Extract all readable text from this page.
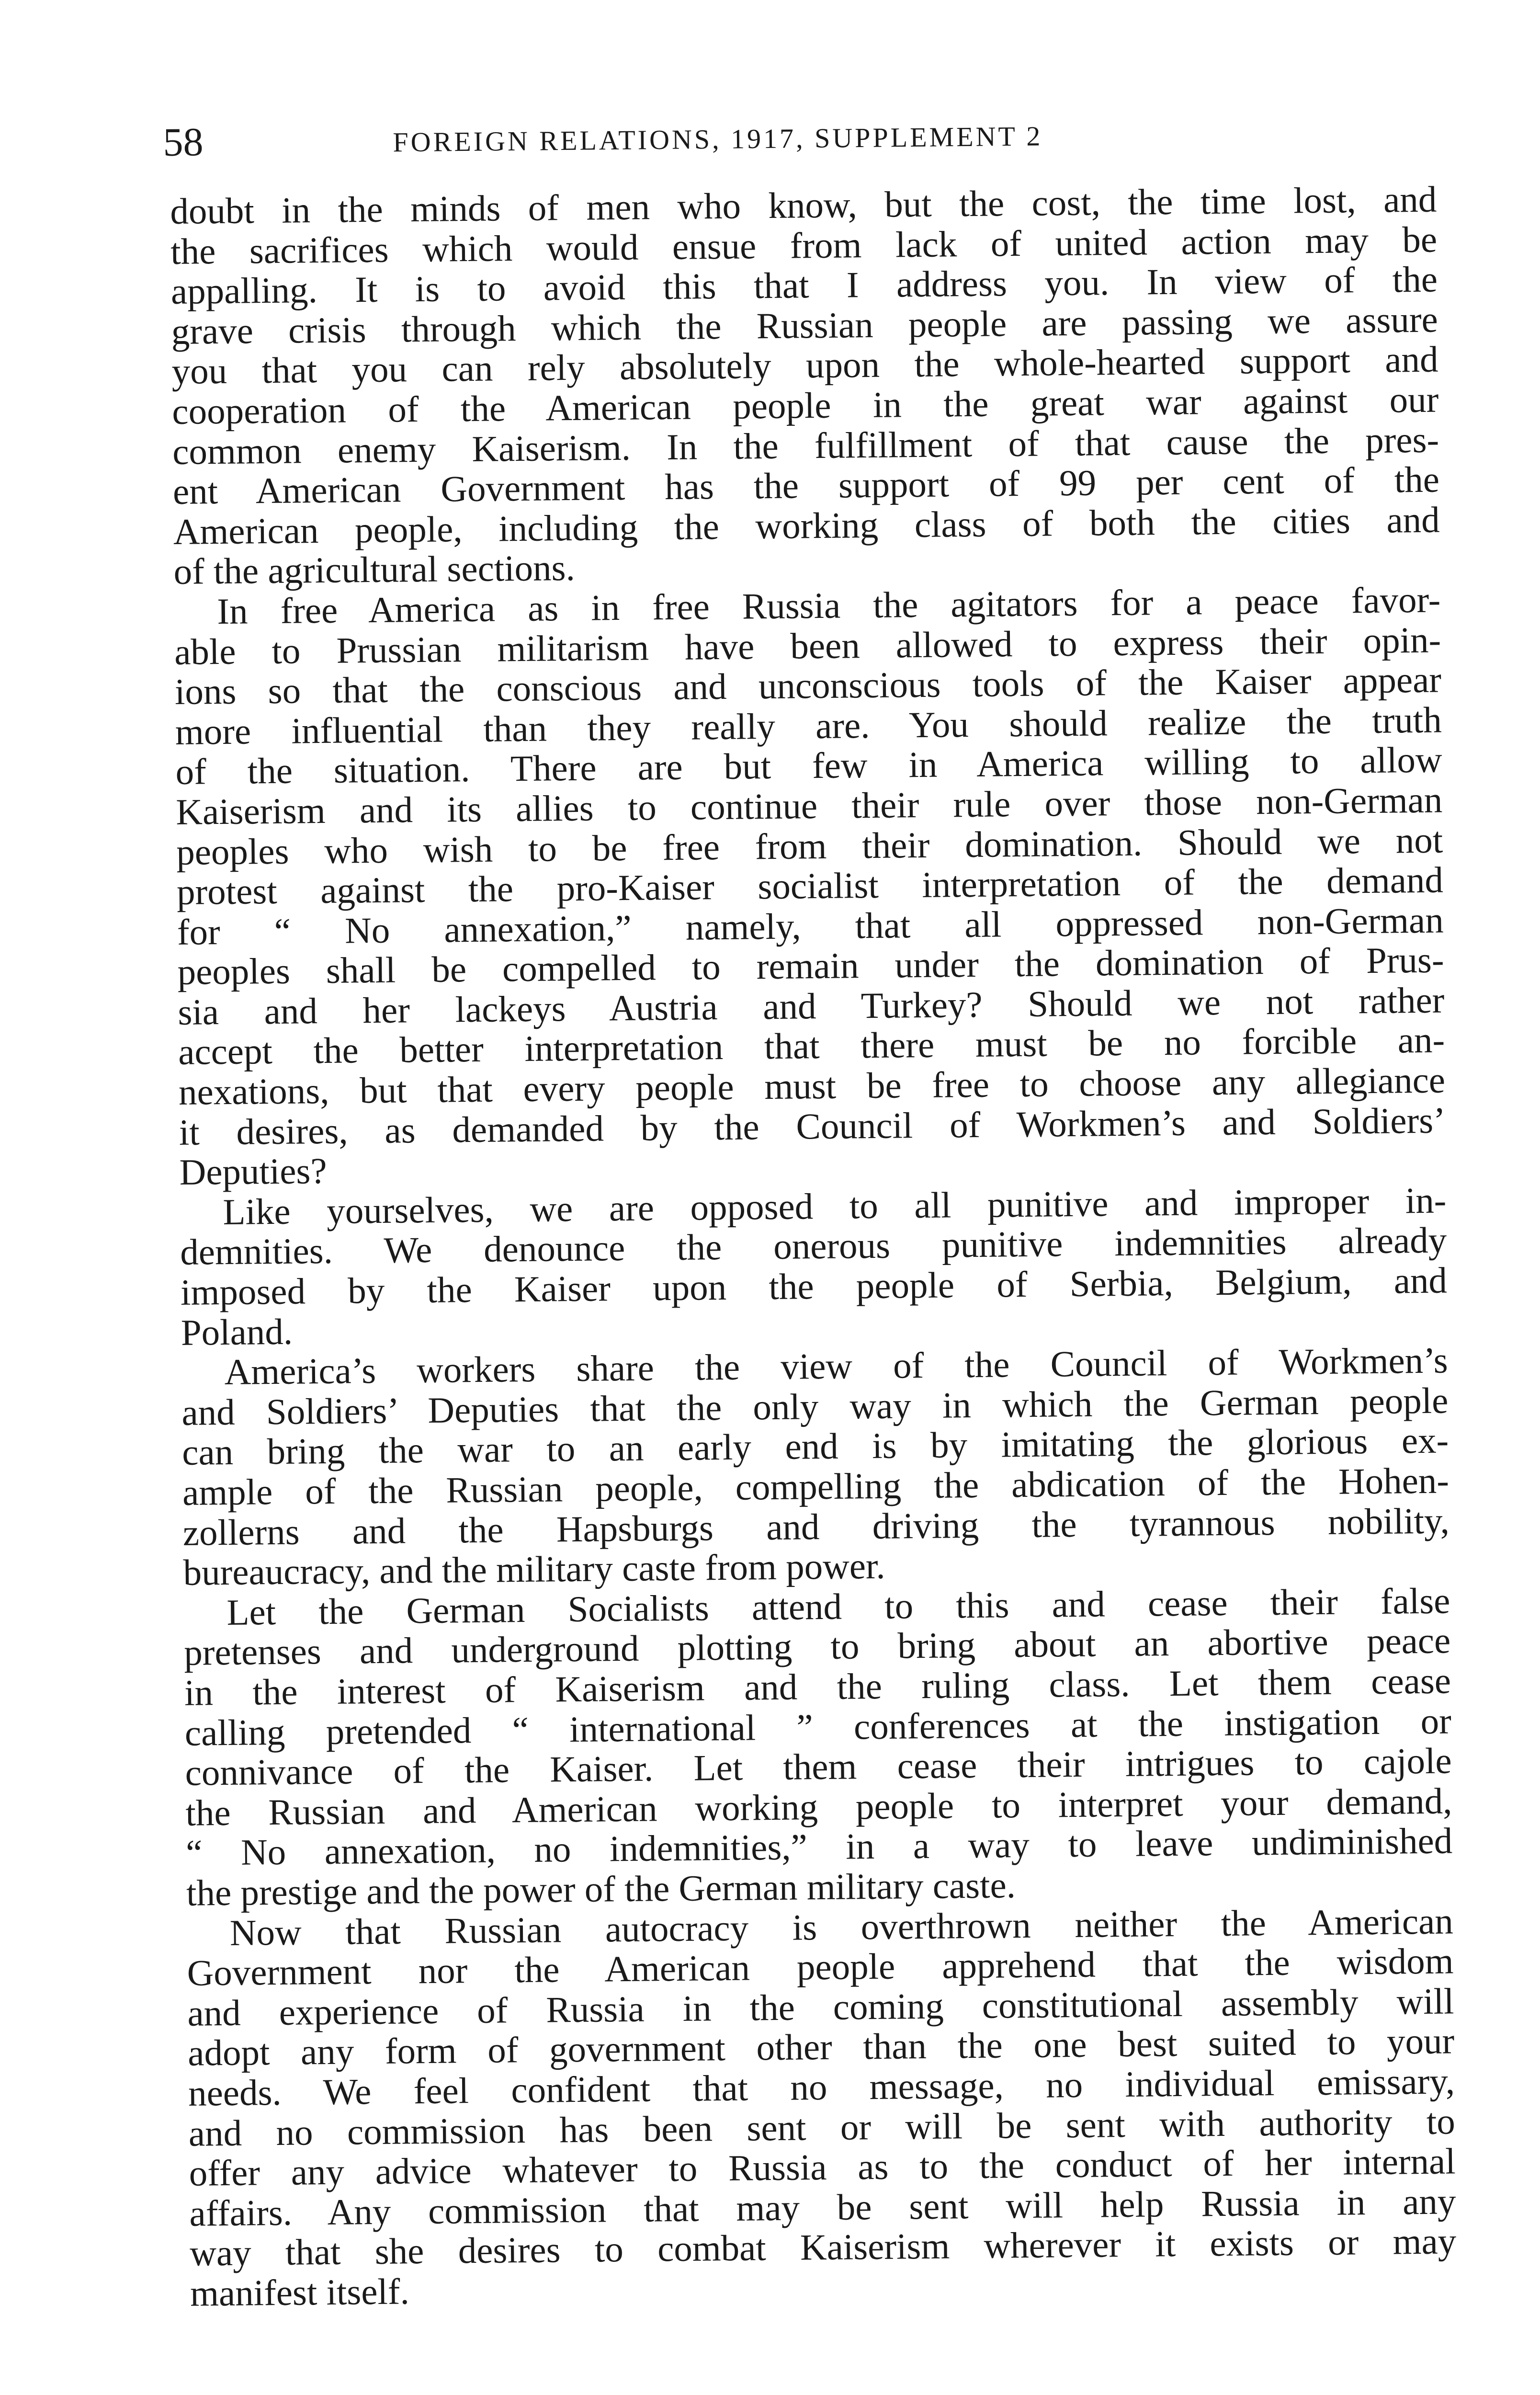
58	FOREIGN RELATIONS, 1917, SUPPLEMENT 2
doubt in the minds of men who know, but the cost, the time lost, and
the sacrifices which would ensue from lack of united action may be
appalling. It is to avoid this that I address you. In view of the
grave crisis through which the Russian people are passing we assure
you that you can rely absolutely upon the whole-hearted support and
cooperation of the American people in the great war against our
common enemy Kaiserism. In the fulfillment of that cause the pres-
ent American Government has the support of 99 per cent of the
American people, including the working class of both the cities and
of the agricultural sections.
In free America as in free Russia the agitators for a peace favor-
able to Prussian militarism have been allowed to express their opin-
ions so that the conscious and unconscious tools of the Kaiser appear
more influential than they really are. You should realize the truth
of the situation. There are but few in America willing to allow
Kaiserism and its allies to continue their rule over those non-German
peoples who wish to be free from their domination. Should we not
protest against the pro-Kaiser socialist interpretation of the demand
for “ No annexation,” namely, that all oppressed non-German
peoples shall be compelled to remain under the domination of Prus-
sia and her lackeys Austria and Turkey? Should we not rather
accept the better interpretation that there must be no forcible an-
nexations, but that every people must be free to choose any allegiance
it desires, as demanded by the Council of Workmen’s and Soldiers’
Deputies?
Like yourselves, we are opposed to all punitive and improper in-
demnities. We denounce the onerous punitive indemnities already
imposed by the Kaiser upon the people of Serbia, Belgium, and
Poland.
America’s workers share the view of the Council of Workmen’s
and Soldiers’ Deputies that the only way in which the German people
can bring the war to an early end is by imitating the glorious ex-
ample of the Russian people, compelling the abdication of the Hohen-
zollerns and the Hapsburgs and driving the tyrannous nobility,
bureaucracy, and the military caste from power.
Let the German Socialists attend to this and cease their false
pretenses and underground plotting to bring about an abortive peace
in the interest of Kaiserism and the ruling class. Let them cease
calling pretended “ international ” conferences at the instigation or
connivance of the Kaiser. Let them cease their intrigues to cajole
the Russian and American working people to interpret your demand,
“ No annexation, no indemnities,” in a way to leave undiminished
the prestige and the power of the German military caste.
Now that Russian autocracy is overthrown neither the American
Government nor the American people apprehend that the wisdom
and experience of Russia in the coming constitutional assembly will
adopt any form of government other than the one best suited to your
needs. We feel confident that no message, no individual emissary,
and no commission has been sent or will be sent with authority to
offer any advice whatever to Russia as to the conduct of her internal
affairs. Any commission that may be sent will help Russia in any
way that she desires to combat Kaiserism wherever it exists or may
manifest itself.
